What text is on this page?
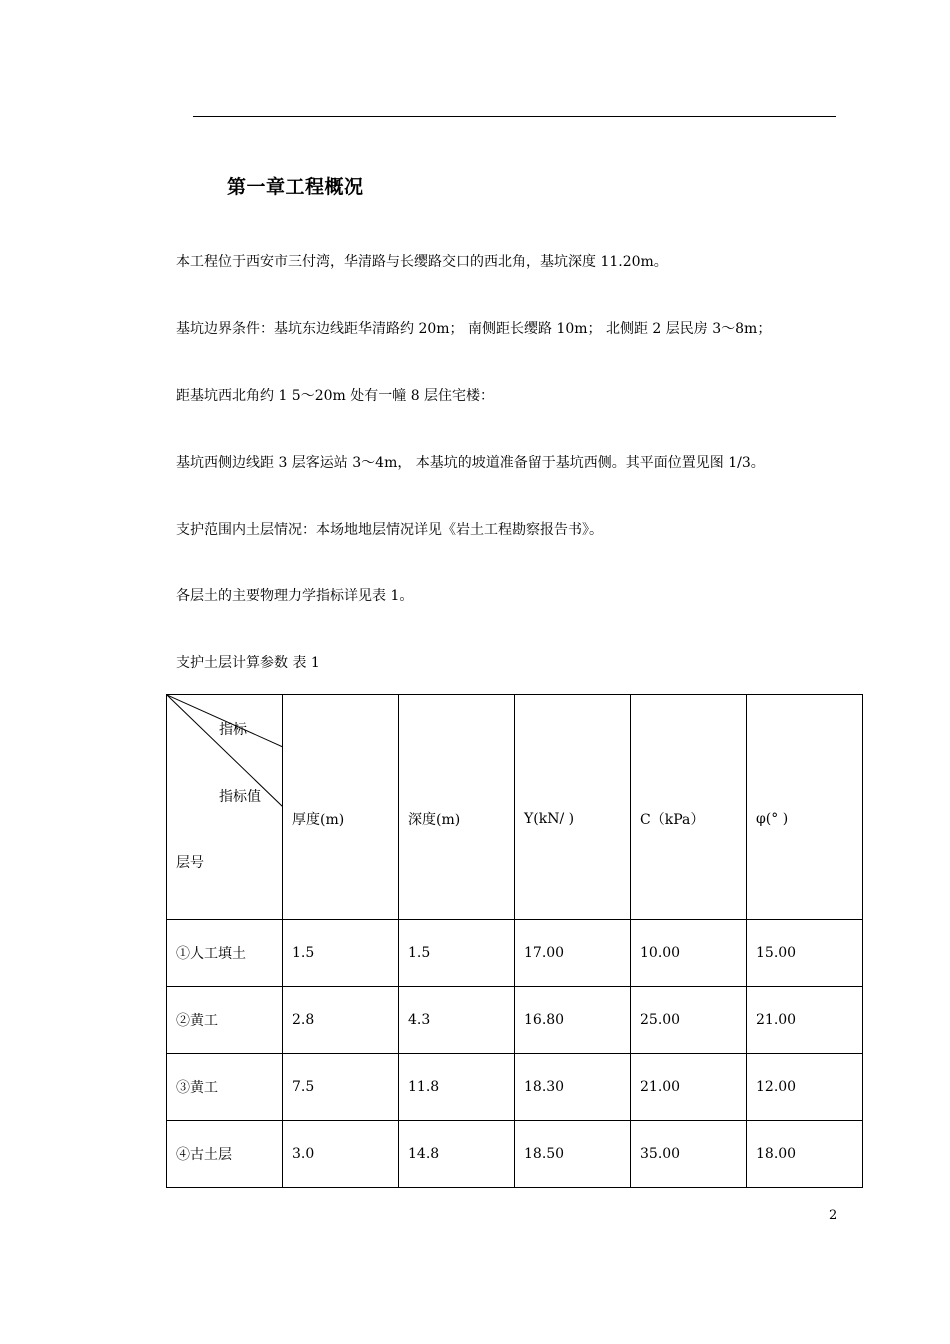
第一章工程概况
本工程位于西安市三付湾，华清路与长缨路交口的西北角，基坑深度 11.20m。
基坑边界条件：基坑东边线距华清路约 20m； 南侧距长缨路 10m； 北侧距 2 层民房 3～8m；
距基坑西北角约 1 5～20m 处有一幢 8 层住宅楼：
基坑西侧边线距 3 层客运站 3～4m， 本基坑的坡道准备留于基坑西侧。其平面位置见图 1/3。
支护范围内土层情况：本场地地层情况详见《岩土工程勘察报告书》。
各层土的主要物理力学指标详见表 1。
支护土层计算参数 表 1
指标
指标值
层号	厚度(m)	深度(m)	Υ(kN/ )	C（kPa）	φ(° )
①人工填土	1.5	1.5	17.00	10.00	15.00
②黄工	2.8	4.3	16.80	25.00	21.00
③黄工	7.5	11.8	18.30	21.00	12.00
④古土层	3.0	14.8	18.50	35.00	18.00
2
